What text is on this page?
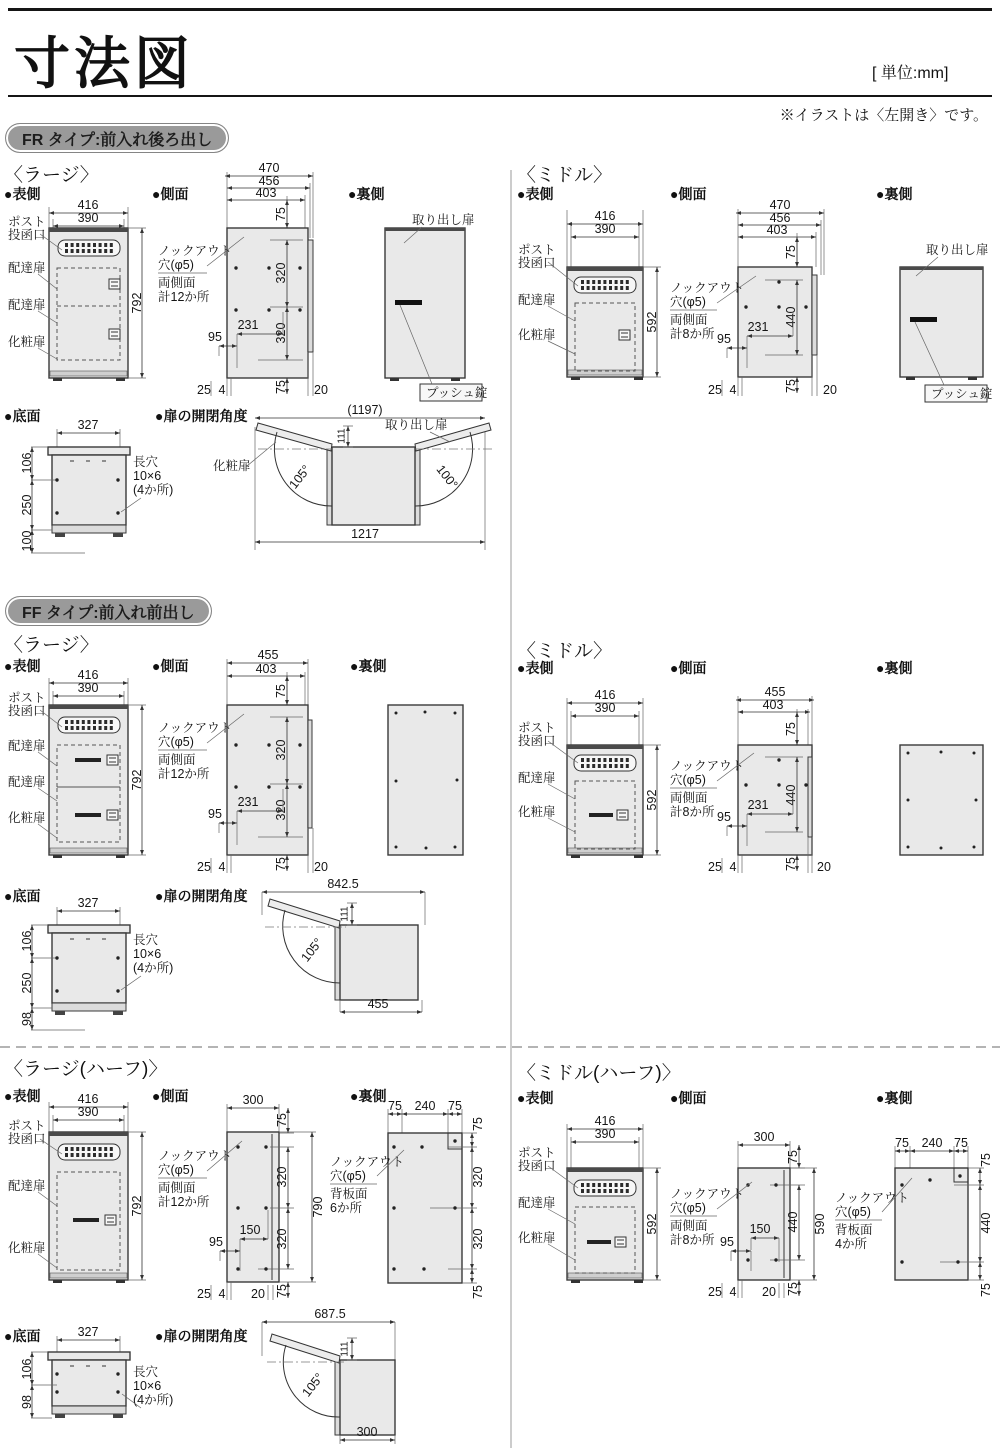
寸法図	[ 単位:mm]
※イラストは〈左開き〉です。
FR タイプ:前入れ後ろ出し
FF タイプ:前入れ前出し
〈ラージ〉	〈ミドル〉
〈ラージ〉	〈ミドル〉
〈ラージ(ハーフ)〉	〈ミドル(ハーフ)〉
●表側	●側面	●裏側	●表側	●側面	●裏側
●底面	●扉の開閉角度
●表側	●側面	●裏側	●表側	●側面	●裏側
●底面	●扉の開閉角度
●表側	●側面	●裏側	●表側	●側面	●裏側
●底面	●扉の開閉角度
416
390
792
ポスト
投函口
配達扉
配達扉
化粧扉
470
456
403
75
320
320
231
95
25 4	75 20
ノックアウト
穴(φ5)
両側面
計12か所
取り出し扉
プッシュ錠
416
390
592
ポスト
投函口
配達扉
化粧扉
470
456
403
75
440
231
95
25 4	75 20
ノックアウト
穴(φ5)
両側面
計8か所
取り出し扉
プッシュ錠
327
106
250
100
長穴
10×6
(4か所)
(1197)
1217
105°	100°
111
化粧扉
取り出し扉
416
390
792
ポスト
投函口
配達扉
配達扉
化粧扉
455
403
75
320
320
231
95
25 4	75 20
ノックアウト
穴(φ5)
両側面
計12か所
416
390
592
ポスト
投函口
配達扉
化粧扉
455
403
75
440
231
95
25 4	75 20
ノックアウト
穴(φ5)
両側面
計8か所
327
106
250
98
長穴
10×6
(4か所)
842.5
105°
111
455
416
390
792
ポスト
投函口
配達扉
化粧扉
300
75
320
320
790
150
95
25 4 20 75
ノックアウト
穴(φ5)
両側面
計12か所
75 240 75
75
320
320
75
ノックアウト
穴(φ5)
背板面
6か所
416
390
592
ポスト
投函口
配達扉
化粧扉
300
75
440 590
150
95
25 4 20 75
ノックアウト
穴(φ5)
両側面
計8か所
75 240 75
75
440
75
ノックアウト
穴(φ5)
背板面
4か所
327
106
98
長穴
10×6
(4か所)
687.5
105°
111
300
